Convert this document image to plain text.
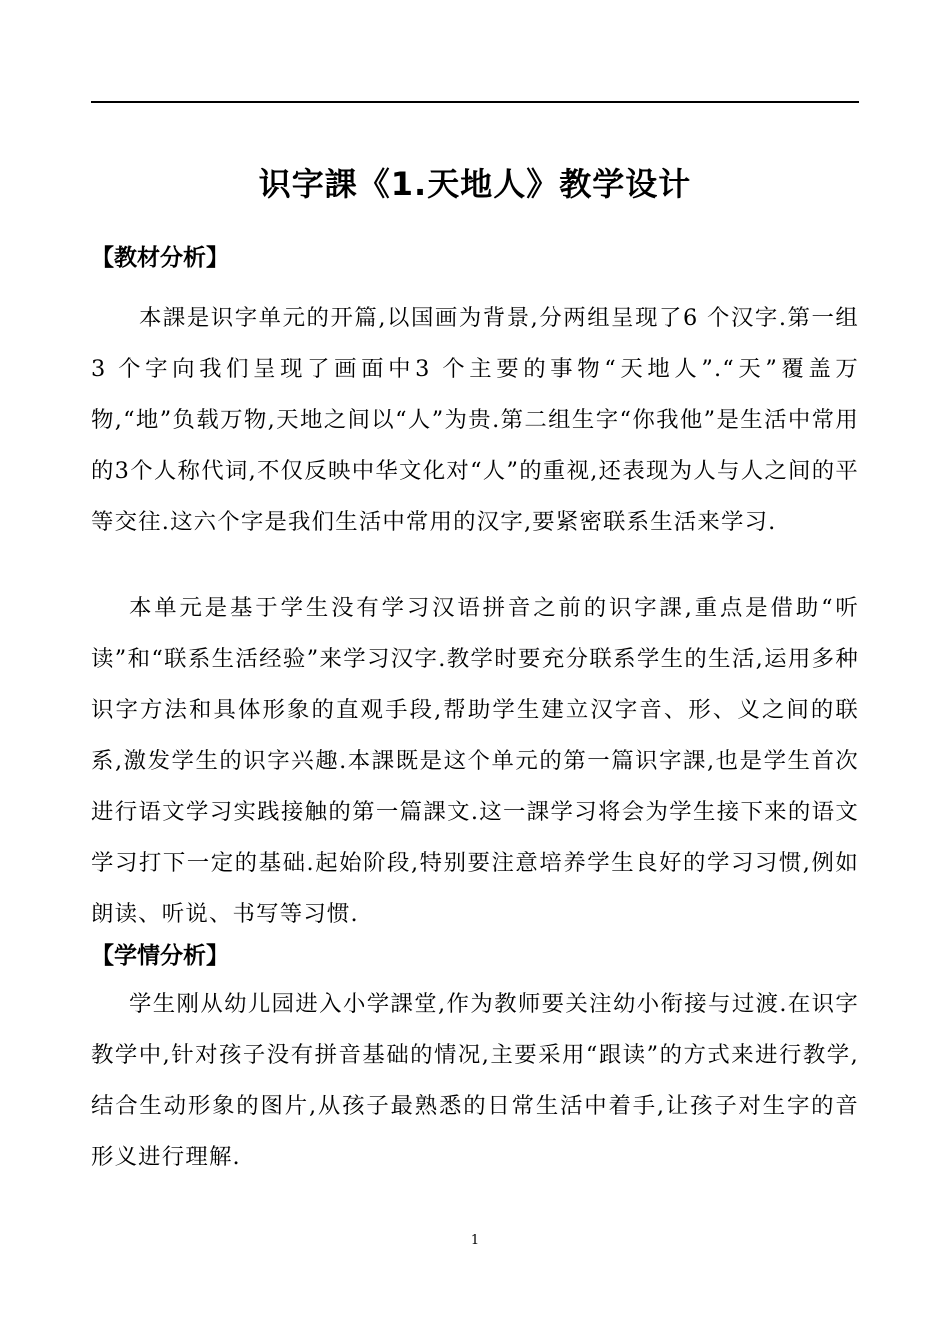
识字課《1.天地人》教学设计
【教材分析】

本課是识字单元的开篇,以国画为背景,分两组呈现了6 个汉字.第一组3 个字向我们呈现了画面中3 个主要的事物“天地人”.“天”覆盖万物,“地”负载万物,天地之间以“人”为贵.第二组生字“你我他”是生活中常用的3个人称代词,不仅反映中华文化对“人”的重视,还表现为人与人之间的平等交往.这六个字是我们生活中常用的汉字,要紧密联系生活来学习.

本单元是基于学生没有学习汉语拼音之前的识字課,重点是借助“听读”和“联系生活经验”来学习汉字.教学时要充分联系学生的生活,运用多种识字方法和具体形象的直观手段,帮助学生建立汉字音、形、义之间的联系,激发学生的识字兴趣.本課既是这个单元的第一篇识字課,也是学生首次进行语文学习实践接触的第一篇課文.这一課学习将会为学生接下来的语文学习打下一定的基础.起始阶段,特别要注意培养学生良好的学习习惯,例如朗读、听说、书写等习惯.

【学情分析】

学生刚从幼儿园进入小学課堂,作为教师要关注幼小衔接与过渡.在识字教学中,针对孩子没有拼音基础的情况,主要采用“跟读”的方式来进行教学,结合生动形象的图片,从孩子最熟悉的日常生活中着手,让孩子对生字的音形义进行理解.

1
